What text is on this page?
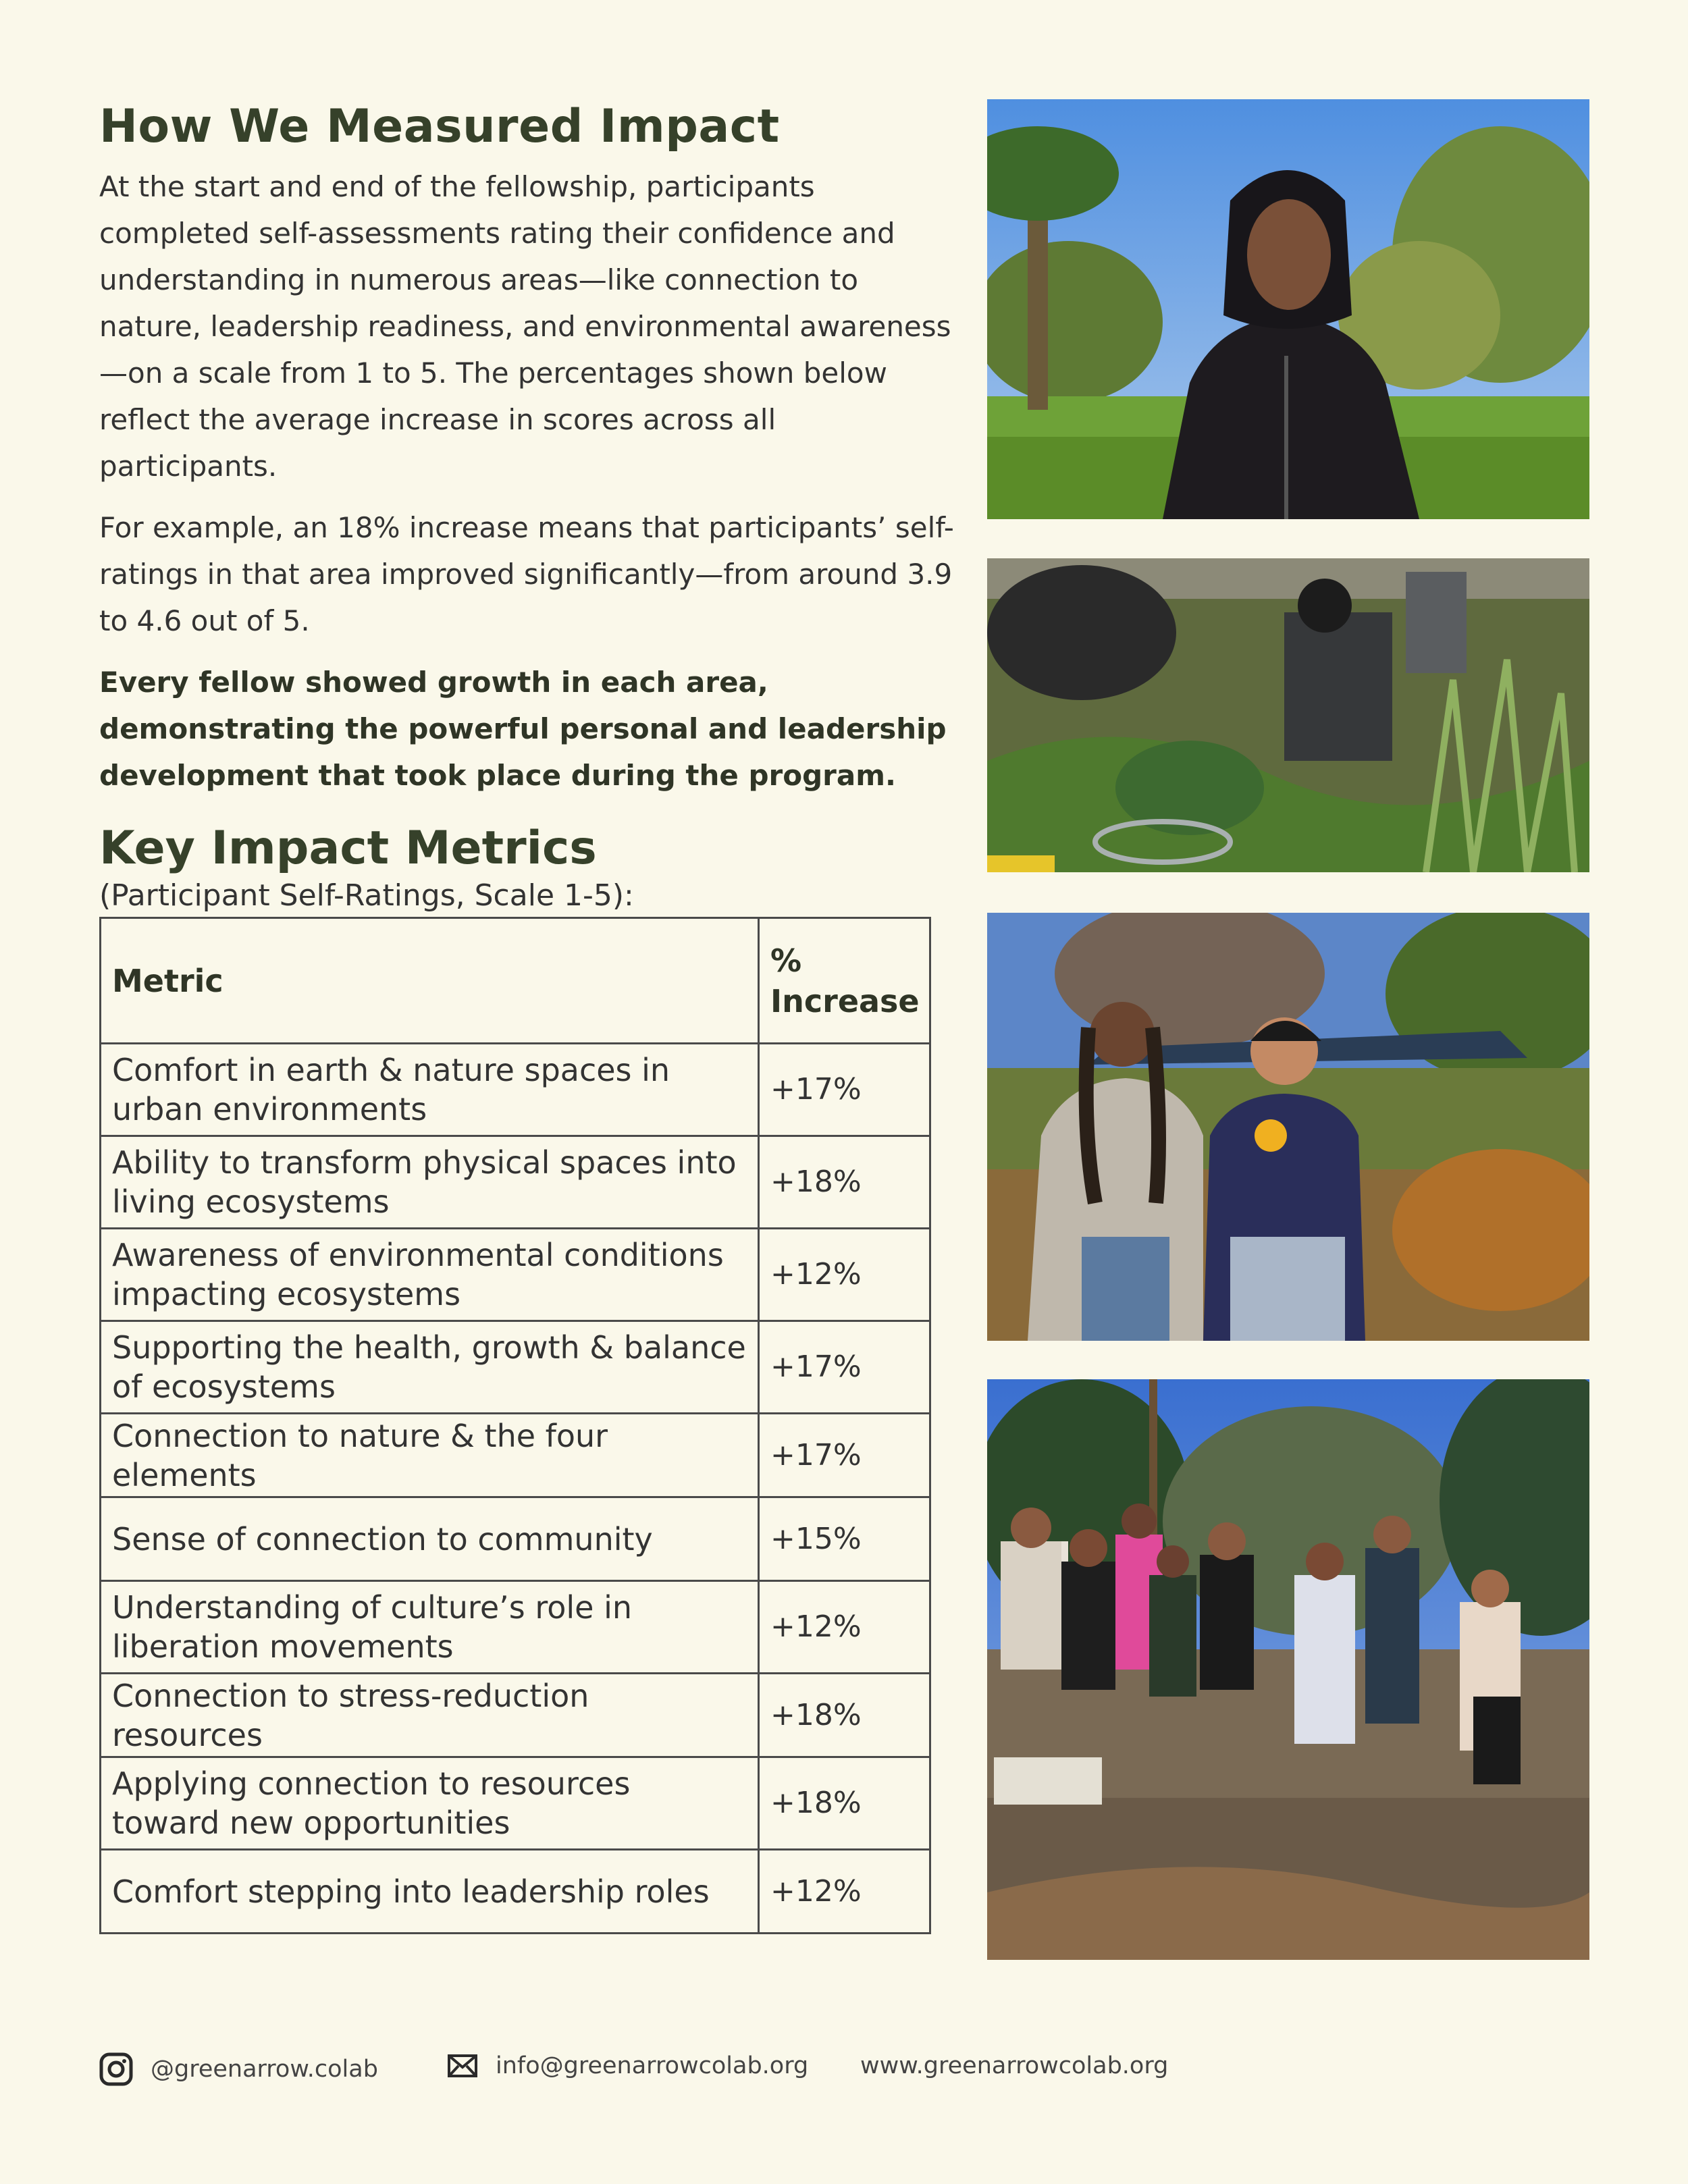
How We Measured Impact

At the start and end of the fellowship, participants completed self-assessments rating their confidence and understanding in numerous areas—like connection to nature, leadership readiness, and environmental awareness—on a scale from 1 to 5. The percentages shown below reflect the average increase in scores across all participants.

For example, an 18% increase means that participants’ self-ratings in that area improved significantly—from around 3.9 to 4.6 out of 5.

Every fellow showed growth in each area, demonstrating the powerful personal and leadership development that took place during the program.

Key Impact Metrics
(Participant Self-Ratings, Scale 1-5):
Metric	% Increase
Comfort in earth & nature spaces in urban environments	+17%
Ability to transform physical spaces into living ecosystems	+18%
Awareness of environmental conditions impacting ecosystems	+12%
Supporting the health, growth & balance of ecosystems	+17%
Connection to nature & the four elements	+17%
Sense of connection to community	+15%
Understanding of culture’s role in liberation movements	+12%
Connection to stress-reduction resources	+18%
Applying connection to resources toward new opportunities	+18%
Comfort stepping into leadership roles	+12%
@greenarrow.colab	info@greenarrowcolab.org www.greenarrowcolab.org
